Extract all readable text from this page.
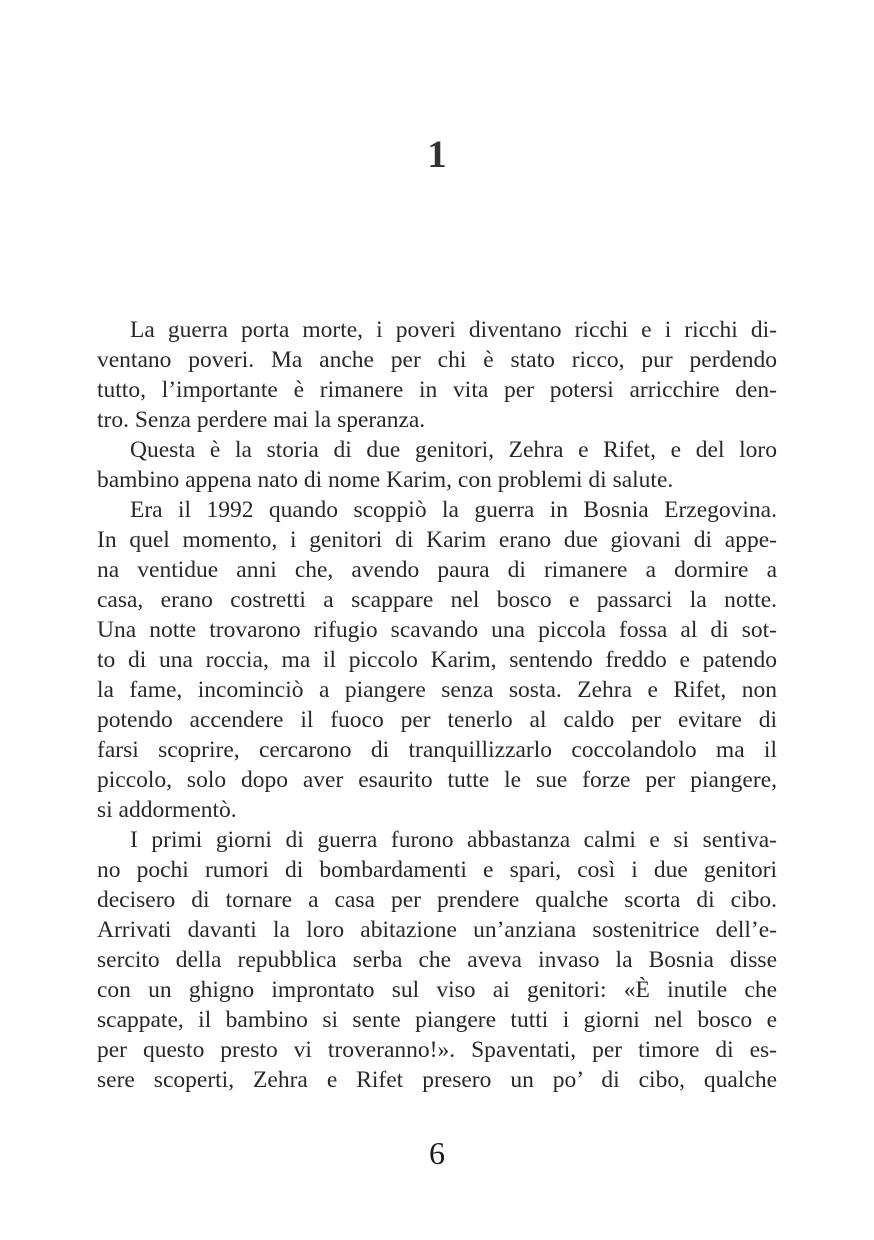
1
La guerra porta morte, i poveri diventano ricchi e i ricchi di-
ventano poveri. Ma anche per chi è stato ricco, pur perdendo
tutto, l’importante è rimanere in vita per potersi arricchire den-
tro. Senza perdere mai la speranza.
Questa è la storia di due genitori, Zehra e Rifet, e del loro
bambino appena nato di nome Karim, con problemi di salute.
Era il 1992 quando scoppiò la guerra in Bosnia Erzegovina.
In quel momento, i genitori di Karim erano due giovani di appe-
na ventidue anni che, avendo paura di rimanere a dormire a
casa, erano costretti a scappare nel bosco e passarci la notte.
Una notte trovarono rifugio scavando una piccola fossa al di sot-
to di una roccia, ma il piccolo Karim, sentendo freddo e patendo
la fame, incominciò a piangere senza sosta. Zehra e Rifet, non
potendo accendere il fuoco per tenerlo al caldo per evitare di
farsi scoprire, cercarono di tranquillizzarlo coccolandolo ma il
piccolo, solo dopo aver esaurito tutte le sue forze per piangere,
si addormentò.
I primi giorni di guerra furono abbastanza calmi e si sentiva-
no pochi rumori di bombardamenti e spari, così i due genitori
decisero di tornare a casa per prendere qualche scorta di cibo.
Arrivati davanti la loro abitazione un’anziana sostenitrice dell’e-
sercito della repubblica serba che aveva invaso la Bosnia disse
con un ghigno improntato sul viso ai genitori: «È inutile che
scappate, il bambino si sente piangere tutti i giorni nel bosco e
per questo presto vi troveranno!». Spaventati, per timore di es-
sere scoperti, Zehra e Rifet presero un po’ di cibo, qualche
6
